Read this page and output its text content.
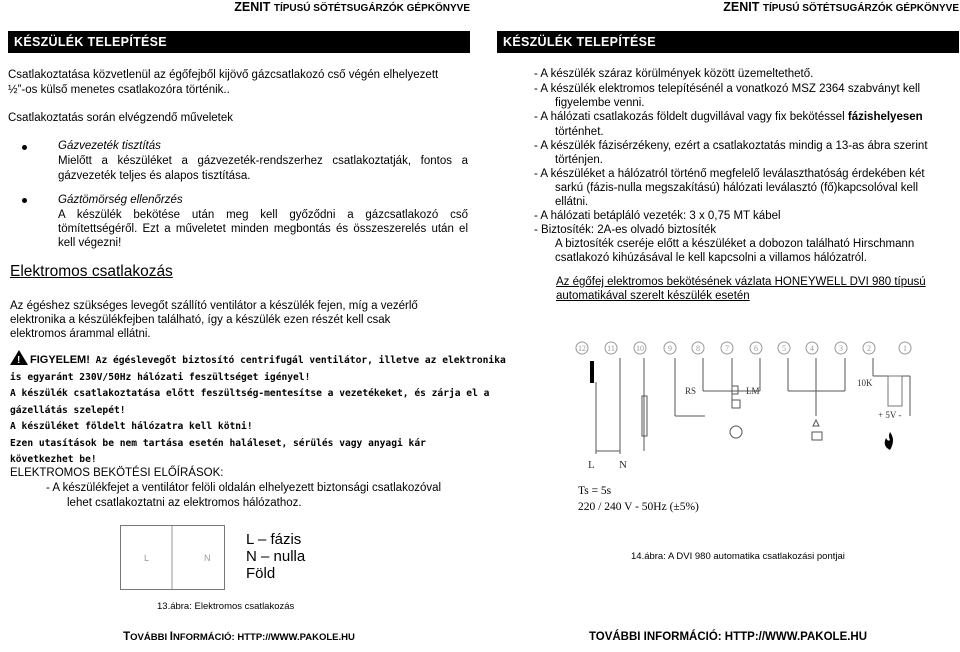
ZENIT TÍPUSÚ SÖTÉTSUGÁRZÓK GÉPKÖNYVE
KÉSZÜLÉK TELEPÍTÉSE
Csatlakoztatása közvetlenül az égőfejből kijövő gázcsatlakozó cső végén elhelyezett
½”-os külső menetes csatlakozóra történik..
Csatlakoztatás során elvégzendő műveletek
Gázvezeték tisztítás
Mielőtt a készüléket a gázvezeték-rendszerhez csatlakoztatják, fontos a
gázvezeték teljes és alapos tisztítása.
Gáztömörség ellenőrzés
A készülék bekötése után meg kell győződni a gázcsatlakozó cső
tömítettségéről. Ezt a műveletet minden megbontás és összeszerelés után el
kell végezni!
Elektromos csatlakozás
Az égéshez szükséges levegőt szállító ventilátor a készülék fejen, míg a vezérlő
elektronika a készülékfejben található, így a készülék ezen részét kell csak
elektromos árammal ellátni.
! FIGYELEM! Az égéslevegőt biztosító centrifugál ventilátor, illetve az elektronika
is egyaránt 230V/50Hz hálózati feszültséget igényel!
A készülék csatlakoztatása előtt feszültség-mentesítse a vezetékeket, és zárja el a
gázellátás szelepét!
A készüléket földelt hálózatra kell kötni!
Ezen utasítások be nem tartása esetén haláleset, sérülés vagy anyagi kár
következhet be!
ELEKTROMOS BEKÖTÉSI ELŐÍRÁSOK:
- A készülékfejet a ventilátor felöli oldalán elhelyezett biztonsági csatlakozóval
lehet csatlakoztatni az elektromos hálózathoz.
L	N
L – fázis
N – nulla
Föld
13.ábra: Elektromos csatlakozás
TOVÁBBI INFORMÁCIÓ: HTTP://WWW.PAKOLE.HU
ZENIT TÍPUSÚ SÖTÉTSUGÁRZÓK GÉPKÖNYVE
KÉSZÜLÉK TELEPÍTÉSE
- A készülék száraz körülmények között üzemeltethető.
- A készülék elektromos telepítésénél a vonatkozó MSZ 2364 szabványt kell
figyelembe venni.
- A hálózati csatlakozás földelt dugvillával vagy fix bekötéssel fázishelyesen
történhet.
- A készülék fázisérzékeny, ezért a csatlakoztatás mindig a 13-as ábra szerint
történjen.
- A készüléket a hálózatról történő megfelelő leválaszthatóság érdekében két
sarkú (fázis-nulla megszakítású) hálózati leválasztó (fő)kapcsolóval kell
ellátni.
- A hálózati betápláló vezeték: 3 x 0,75 MT kábel
- Biztosíték: 2A-es olvadó biztosíték
A biztosíték cseréje előtt a készüléket a dobozon található Hirschmann
csatlakozó kihúzásával le kell kapcsolni a villamos hálózatról.
Az égőfej elektromos bekötésének vázlata HONEYWELL DVI 980 típusú
automatikával szerelt készülék esetén
12	11	10	9	8	7	6	5	4	3	2	1
RS	LM
10K
+ 5V -
L N
Ts = 5s
220 / 240 V - 50Hz (±5%)
14.ábra: A DVI 980 automatika csatlakozási pontjai
TOVÁBBI INFORMÁCIÓ: HTTP://WWW.PAKOLE.HU
